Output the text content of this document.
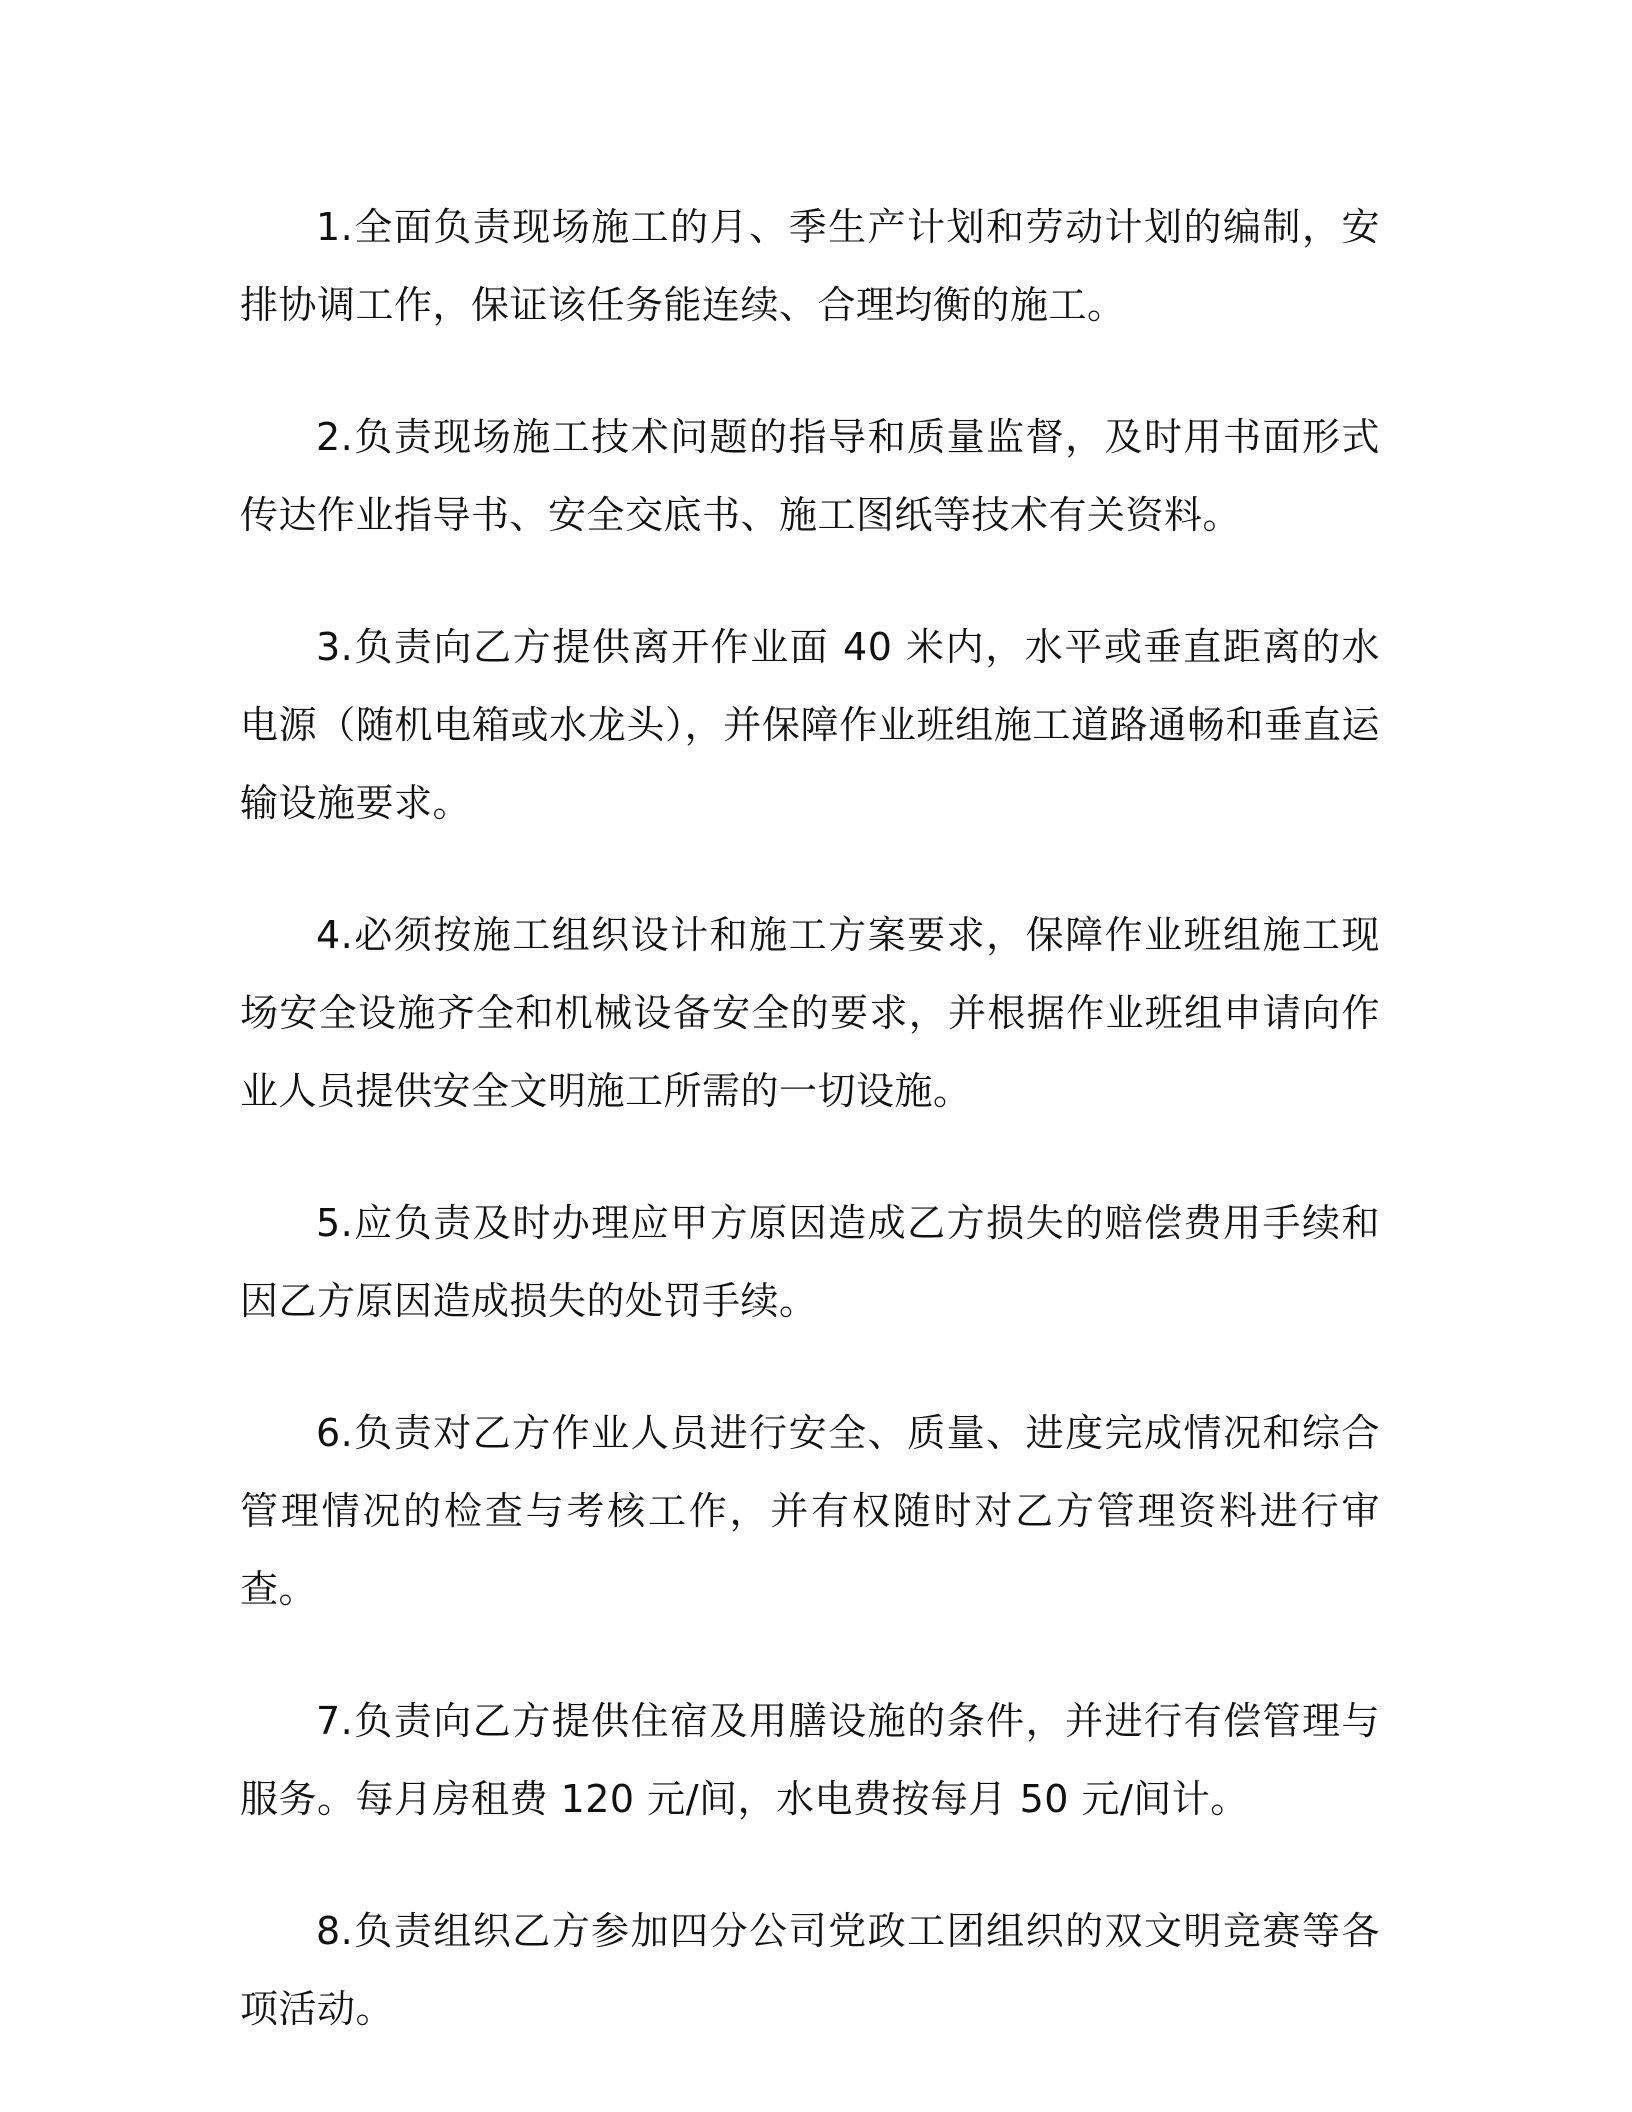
1.全面负责现场施工的月、季生产计划和劳动计划的编制，安排协调工作，保证该任务能连续、合理均衡的施工。

2.负责现场施工技术问题的指导和质量监督，及时用书面形式传达作业指导书、安全交底书、施工图纸等技术有关资料。

3.负责向乙方提供离开作业面 40 米内，水平或垂直距离的水电源（随机电箱或水龙头），并保障作业班组施工道路通畅和垂直运输设施要求。

4.必须按施工组织设计和施工方案要求，保障作业班组施工现场安全设施齐全和机械设备安全的要求，并根据作业班组申请向作业人员提供安全文明施工所需的一切设施。

5.应负责及时办理应甲方原因造成乙方损失的赔偿费用手续和因乙方原因造成损失的处罚手续。

6.负责对乙方作业人员进行安全、质量、进度完成情况和综合管理情况的检查与考核工作，并有权随时对乙方管理资料进行审查。

7.负责向乙方提供住宿及用膳设施的条件，并进行有偿管理与服务。每月房租费 120 元/间，水电费按每月 50 元/间计。

8.负责组织乙方参加四分公司党政工团组织的双文明竞赛等各项活动。
